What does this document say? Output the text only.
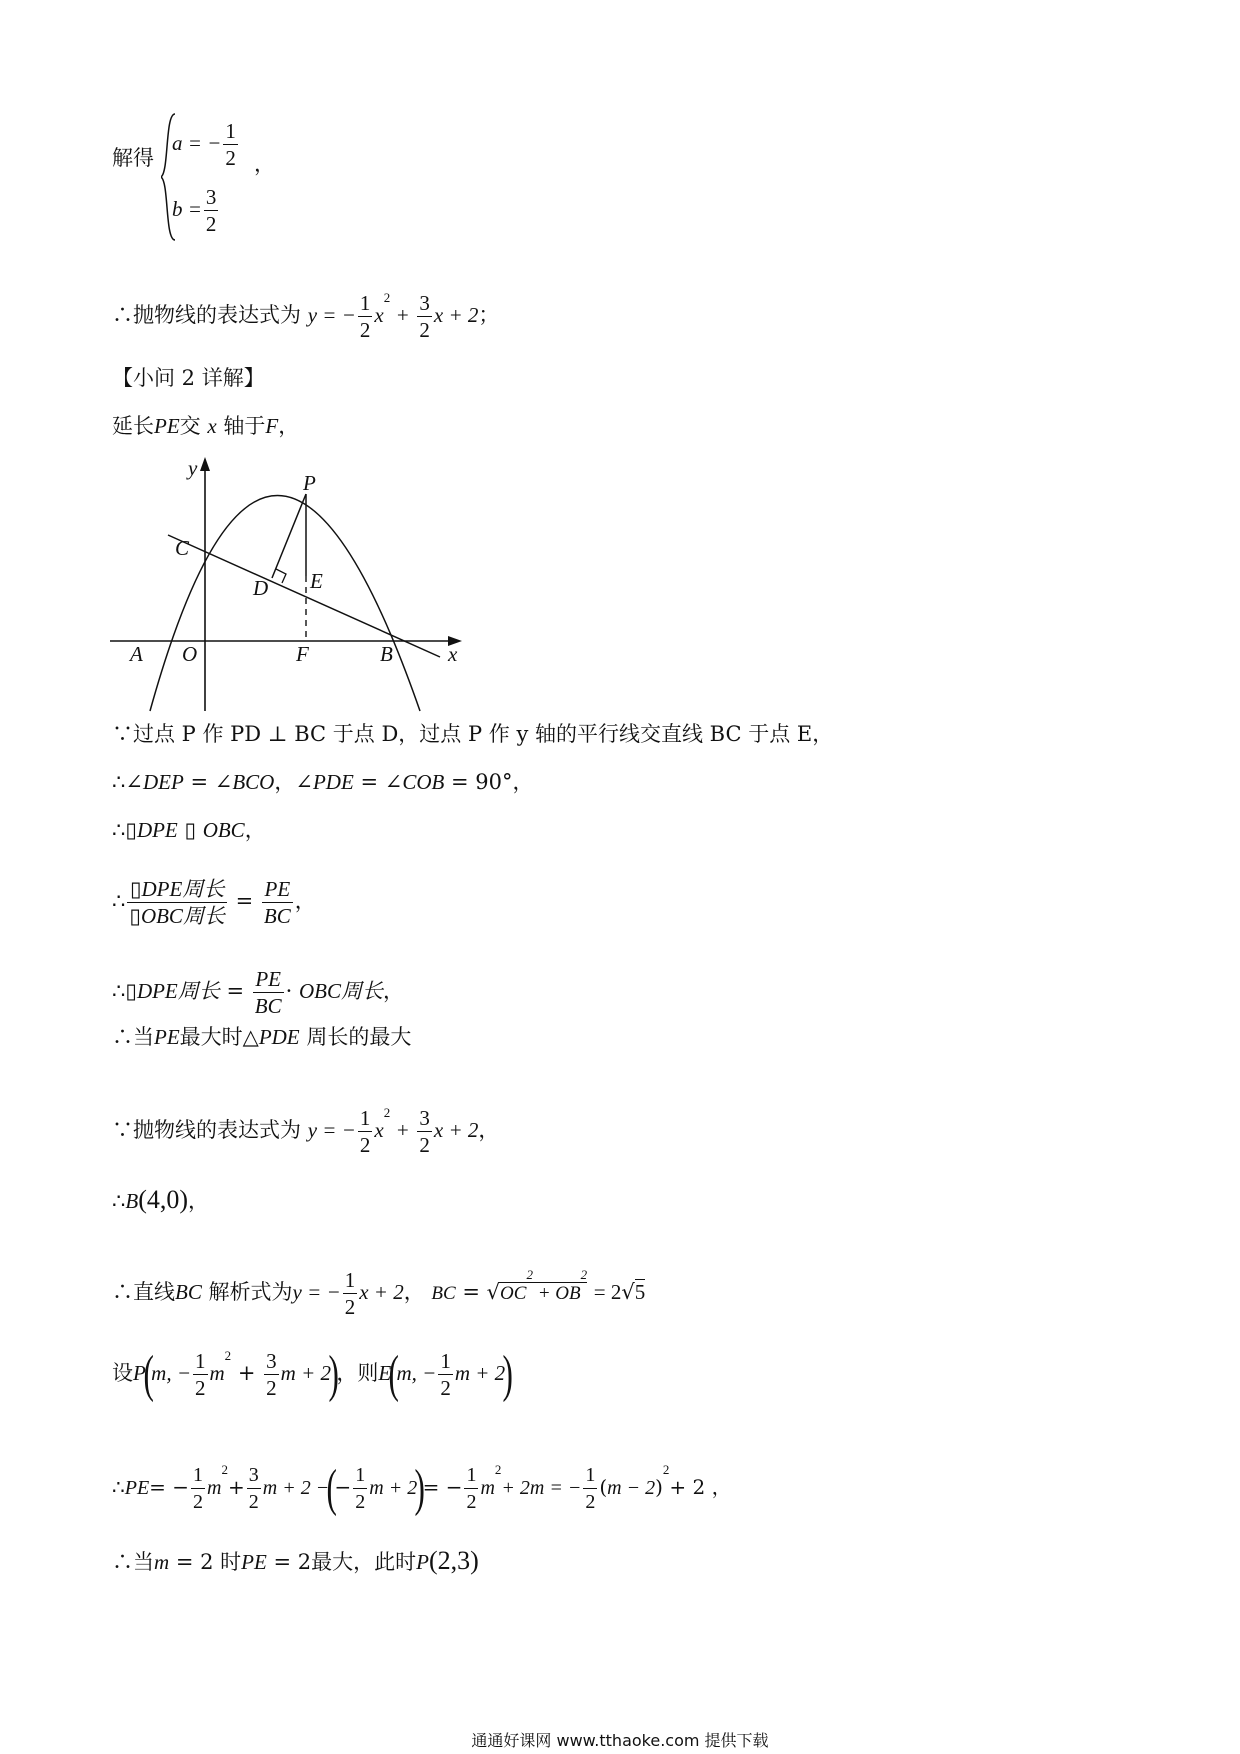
解得
a = − $\frac{1}{2}$ ，
$b = \frac{3}{2}$
∴抛物线的表达式为 y = − $\frac{1}{2} x^2 + \frac{3}{2}$ x + 2；
【小问 2 详解】
延长PE交 x 轴于F，
y
x
P
C
D E
A O	F	B
∵过点 P 作 PD ⊥ BC 于点 D，过点 P 作 y 轴的平行线交直线 BC 于点 E，
∴∠DEP = ∠BCO，∠PDE = ∠COB = 90°，
∴▯DPE ▯ OBC，
∴ $\frac{\text{▯DPE周长}}{\text{▯OBC周长}} = \frac{PE}{BC}$ ，
∴▯DPE周长 = $\frac{PE}{BC}$ · OBC周长，
∴当PE最大时△PDE 周长的最大
∵抛物线的表达式为 y = − $\frac{1}{2} x^2 + \frac{3}{2}$ x + 2，
∴B(4,0)，
∴直线BC 解析式为y = − $\frac{1}{2}$ x + 2， BC = $√OC^2 + OB^2 = 2√5$
设P(m, − $\frac{1}{2} m^2 + \frac{3}{2}$ m + 2)，则E(m, − $\frac{1}{2}$ m + 2)
∴PE= − $\frac{1}{2} m^2+ \frac{3}{2}$ m + 2 −(− $\frac{1}{2}$ $m + 2)= - \frac{1}{2} m^2+ 2m$ = − $\frac{1}{2} (m - 2)^2+ 2$ ，
∴当m = 2 时PE = 2最大，此时P(2,3)
通通好课网 www.tthaoke.com 提供下载
